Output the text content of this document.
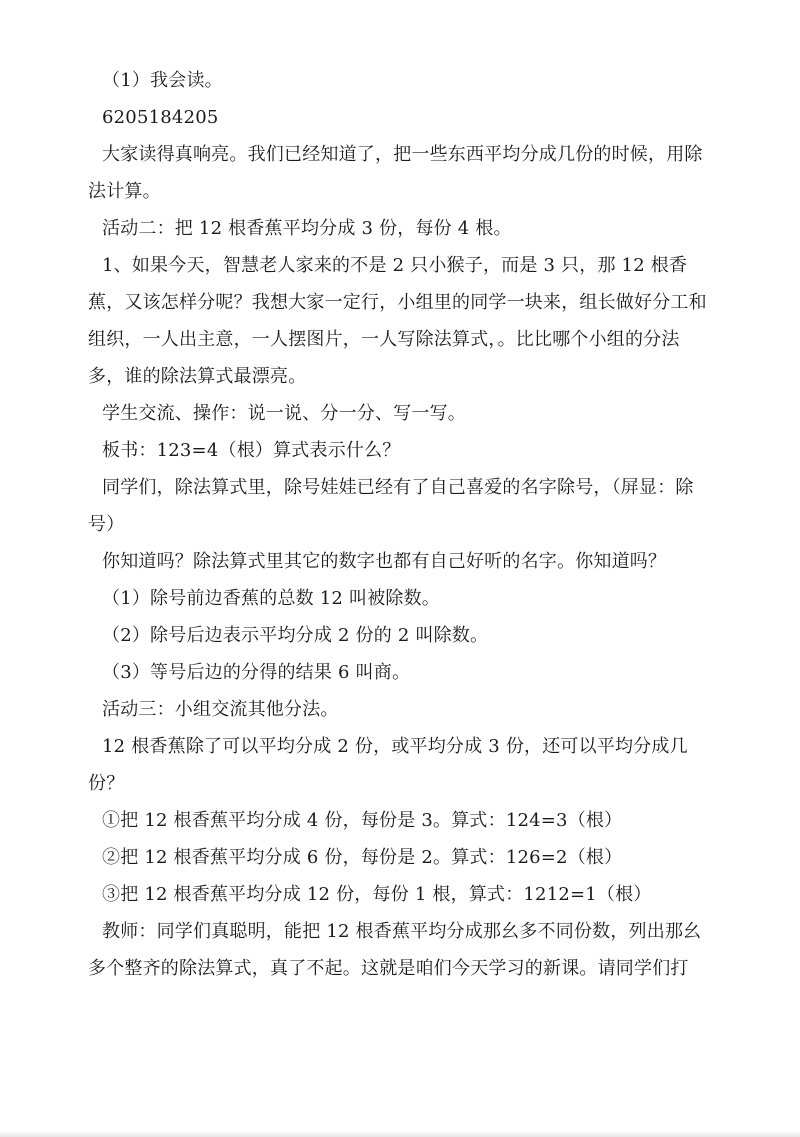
（1）我会读。

6205184205

大家读得真响亮。我们已经知道了，把一些东西平均分成几份的时候，用除法计算。

活动二：把 12 根香蕉平均分成 3 份，每份 4 根。

1、如果今天，智慧老人家来的不是 2 只小猴子，而是 3 只，那 12 根香蕉，又该怎样分呢？我想大家一定行，小组里的同学一块来，组长做好分工和组织，一人出主意，一人摆图片，一人写除法算式，。比比哪个小组的分法多，谁的除法算式最漂亮。

学生交流、操作：说一说、分一分、写一写。

板书：123=4（根）算式表示什么？

同学们，除法算式里，除号娃娃已经有了自己喜爱的名字除号，（屏显：除号）

你知道吗？除法算式里其它的数字也都有自己好听的名字。你知道吗？

（1）除号前边香蕉的总数 12 叫被除数。

（2）除号后边表示平均分成 2 份的 2 叫除数。

（3）等号后边的分得的结果 6 叫商。

活动三：小组交流其他分法。

12 根香蕉除了可以平均分成 2 份，或平均分成 3 份，还可以平均分成几份？

①把 12 根香蕉平均分成 4 份，每份是 3。算式：124=3（根）

②把 12 根香蕉平均分成 6 份，每份是 2。算式：126=2（根）

③把 12 根香蕉平均分成 12 份，每份 1 根，算式：1212=1（根）

教师：同学们真聪明，能把 12 根香蕉平均分成那幺多不同份数，列出那幺多个整齐的除法算式，真了不起。这就是咱们今天学习的新课。请同学们打
